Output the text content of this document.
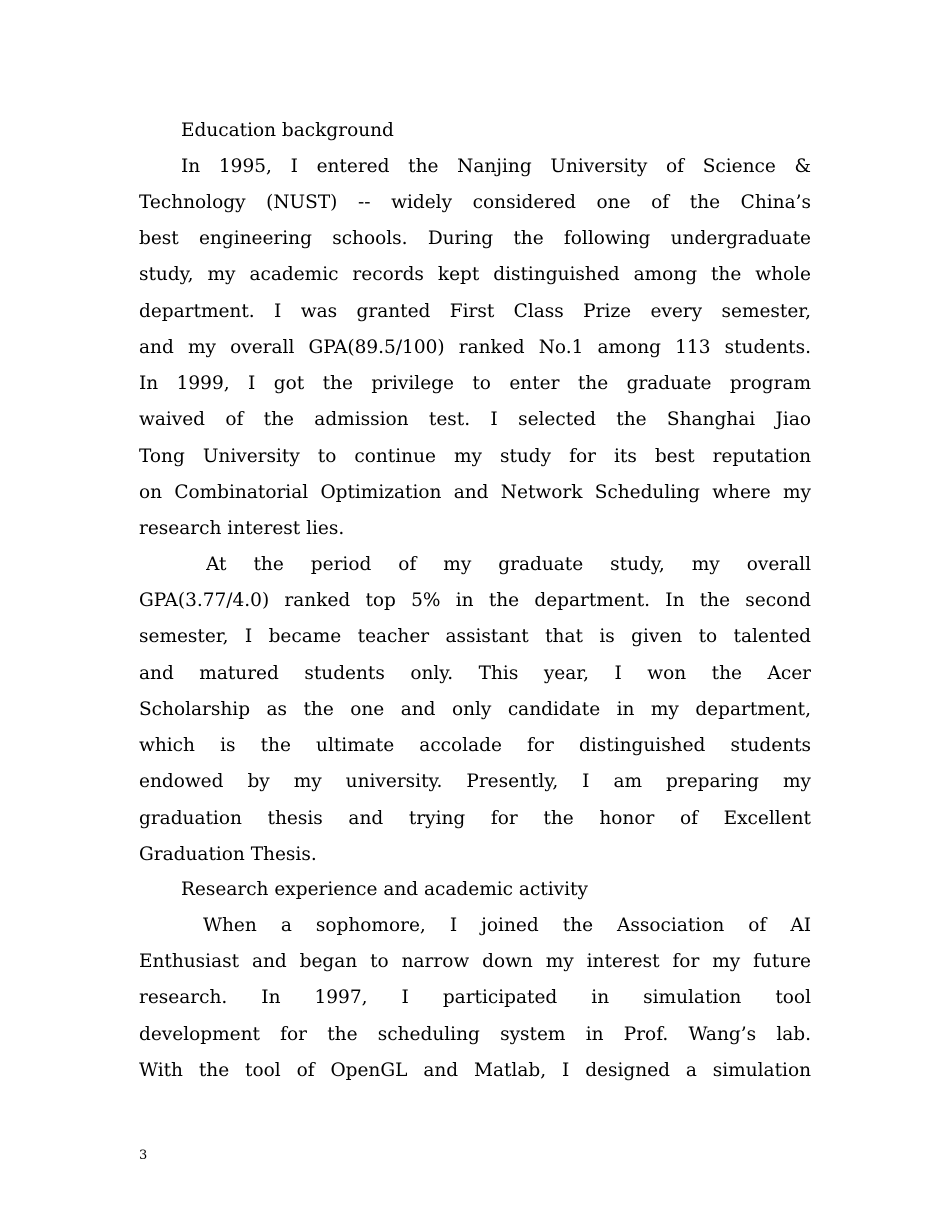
Education background
In 1995, I entered the Nanjing University of Science &
Technology (NUST) -- widely considered one of the China’s
best engineering schools. During the following undergraduate
study, my academic records kept distinguished among the whole
department. I was granted First Class Prize every semester,
and my overall GPA(89.5/100) ranked No.1 among 113 students.
In 1999, I got the privilege to enter the graduate program
waived of the admission test. I selected the Shanghai Jiao
Tong University to continue my study for its best reputation
on Combinatorial Optimization and Network Scheduling where my
research interest lies.
At the period of my graduate study, my overall
GPA(3.77/4.0) ranked top 5% in the department. In the second
semester, I became teacher assistant that is given to talented
and matured students only. This year, I won the Acer
Scholarship as the one and only candidate in my department,
which is the ultimate accolade for distinguished students
endowed by my university. Presently, I am preparing my
graduation thesis and trying for the honor of Excellent
Graduation Thesis.
Research experience and academic activity
When a sophomore, I joined the Association of AI
Enthusiast and began to narrow down my interest for my future
research. In 1997, I participated in simulation tool
development for the scheduling system in Prof. Wang’s lab.
With the tool of OpenGL and Matlab, I designed a simulation
3
